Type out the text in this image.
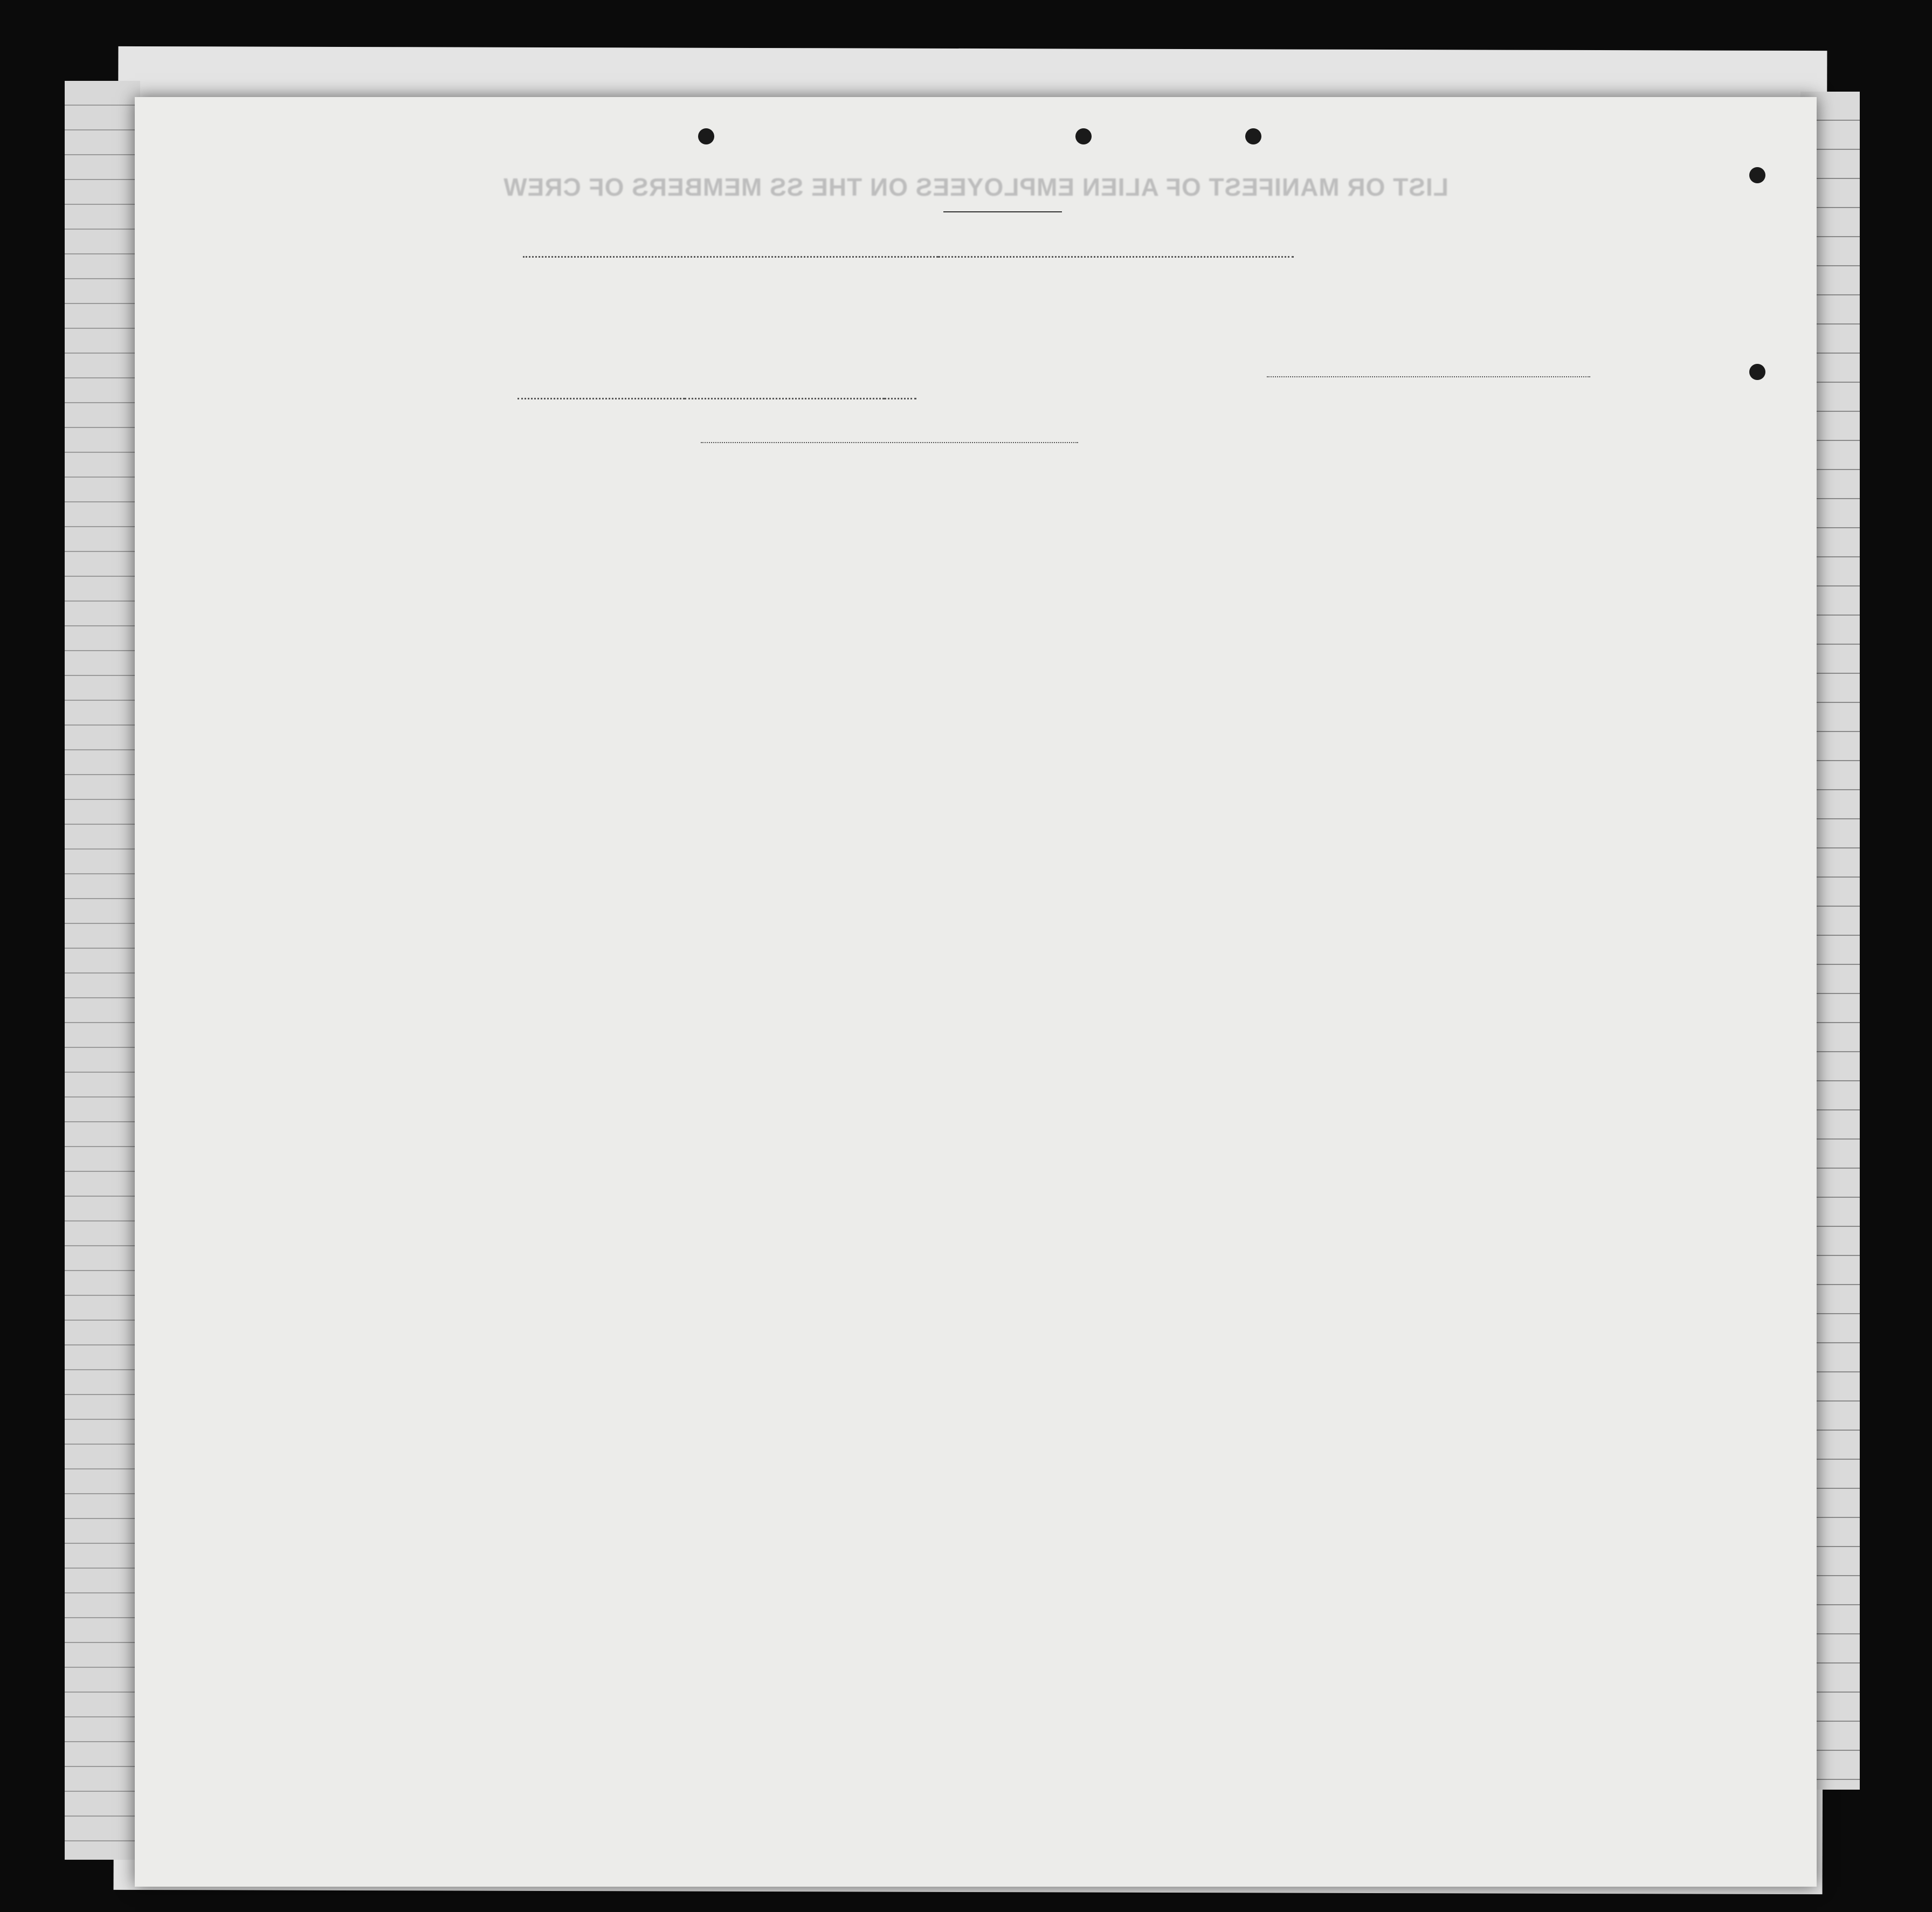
LIST OR MANIFEST OF ALIEN EMPLOYEES ON THE SS MEMBERS OF CREW
